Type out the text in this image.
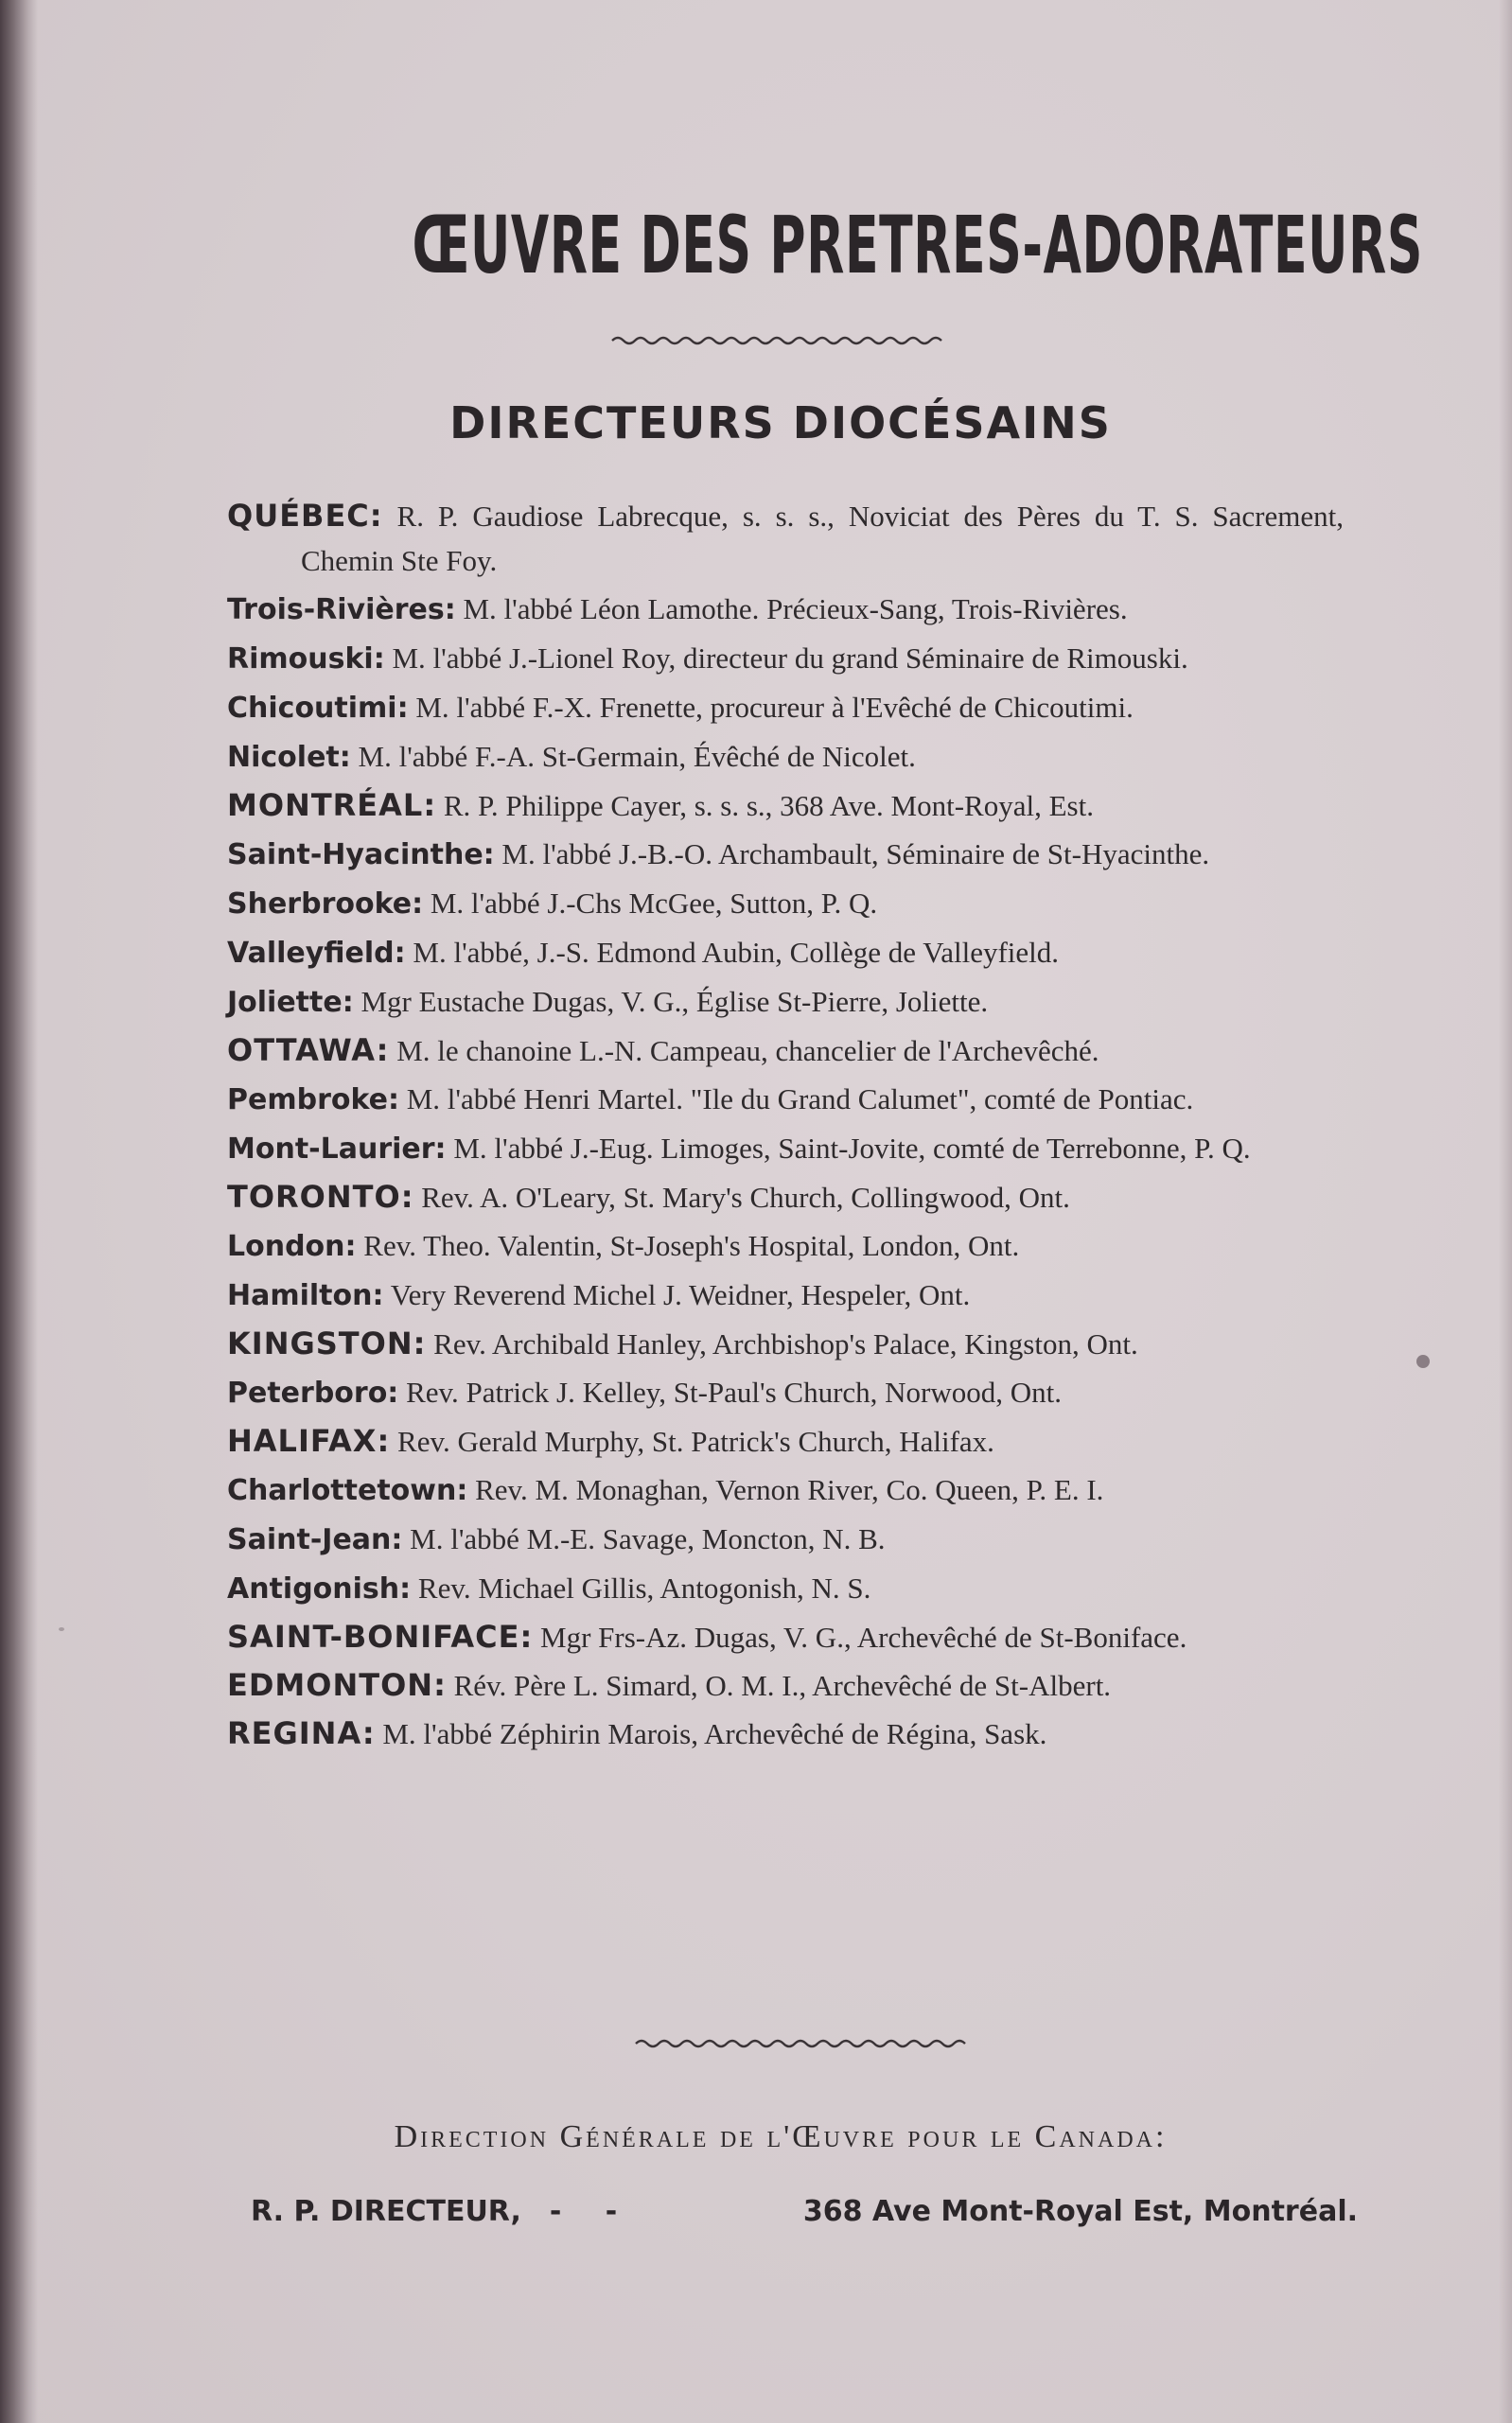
ŒUVRE DES PRETRES-ADORATEURS
DIRECTEURS DIOCÉSAINS
QUÉBEC: R. P. Gaudiose Labrecque, s. s. s., Noviciat des Pères du T. S. Sacrement, Chemin Ste Foy.
Trois-Rivières: M. l'abbé Léon Lamothe. Précieux-Sang, Trois-Rivières.
Rimouski: M. l'abbé J.-Lionel Roy, directeur du grand Séminaire de Rimouski.
Chicoutimi: M. l'abbé F.-X. Frenette, procureur à l'Evêché de Chicoutimi.
Nicolet: M. l'abbé F.-A. St-Germain, Évêché de Nicolet.
MONTRÉAL: R. P. Philippe Cayer, s. s. s., 368 Ave. Mont-Royal, Est.
Saint-Hyacinthe: M. l'abbé J.-B.-O. Archambault, Séminaire de St-Hyacinthe.
Sherbrooke: M. l'abbé J.-Chs McGee, Sutton, P. Q.
Valleyfield: M. l'abbé, J.-S. Edmond Aubin, Collège de Valleyfield.
Joliette: Mgr Eustache Dugas, V. G., Église St-Pierre, Joliette.
OTTAWA: M. le chanoine L.-N. Campeau, chancelier de l'Archevêché.
Pembroke: M. l'abbé Henri Martel. "Ile du Grand Calumet", comté de Pontiac.
Mont-Laurier: M. l'abbé J.-Eug. Limoges, Saint-Jovite, comté de Terrebonne, P. Q.
TORONTO: Rev. A. O'Leary, St. Mary's Church, Collingwood, Ont.
London: Rev. Theo. Valentin, St-Joseph's Hospital, London, Ont.
Hamilton: Very Reverend Michel J. Weidner, Hespeler, Ont.
KINGSTON: Rev. Archibald Hanley, Archbishop's Palace, Kingston, Ont.
Peterboro: Rev. Patrick J. Kelley, St-Paul's Church, Norwood, Ont.
HALIFAX: Rev. Gerald Murphy, St. Patrick's Church, Halifax.
Charlottetown: Rev. M. Monaghan, Vernon River, Co. Queen, P. E. I.
Saint-Jean: M. l'abbé M.-E. Savage, Moncton, N. B.
Antigonish: Rev. Michael Gillis, Antogonish, N. S.
SAINT-BONIFACE: Mgr Frs-Az. Dugas, V. G., Archevêché de St-Boniface.
EDMONTON: Rév. Père L. Simard, O. M. I., Archevêché de St-Albert.
REGINA: M. l'abbé Zéphirin Marois, Archevêché de Régina, Sask.
Direction Générale de l'Œuvre pour le Canada:
R. P. DIRECTEUR,	- -	368 Ave Mont-Royal Est, Montréal.
